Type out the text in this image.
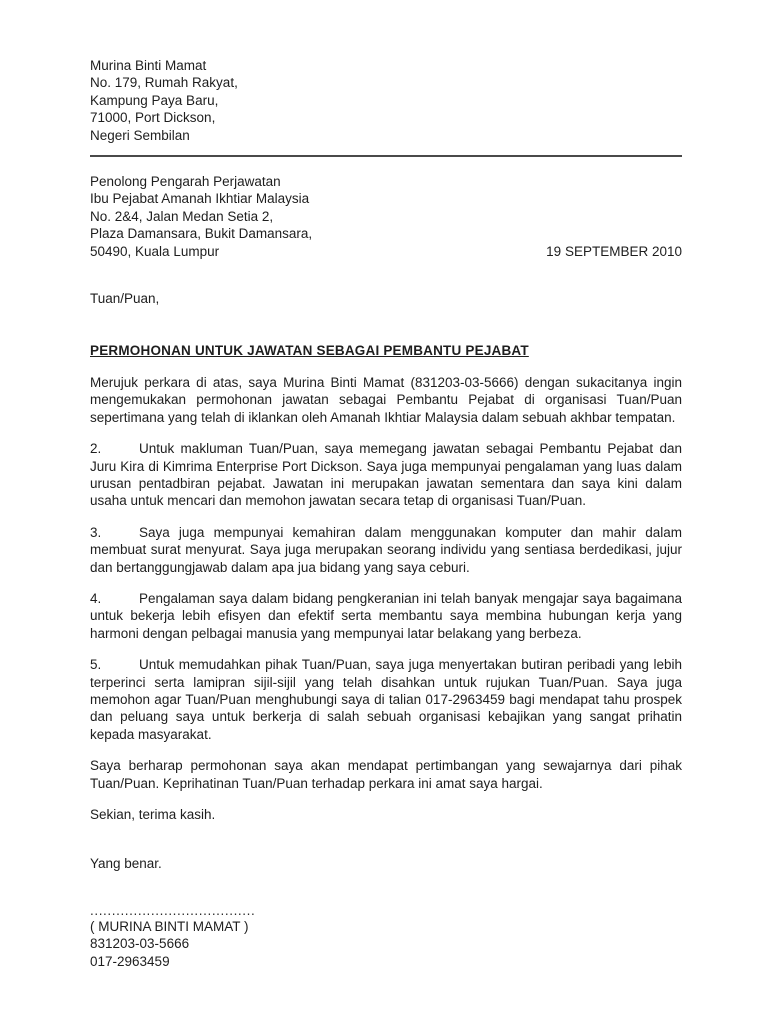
Murina Binti Mamat
No. 179, Rumah Rakyat,
Kampung Paya Baru,
71000, Port Dickson,
Negeri Sembilan
Penolong Pengarah Perjawatan
Ibu Pejabat Amanah Ikhtiar Malaysia
No. 2&4, Jalan Medan Setia 2,
Plaza Damansara, Bukit Damansara,
50490, Kuala Lumpur	19 SEPTEMBER 2010
Tuan/Puan,
PERMOHONAN UNTUK JAWATAN SEBAGAI PEMBANTU PEJABAT

Merujuk perkara di atas, saya Murina Binti Mamat (831203-03-5666) dengan sukacitanya ingin mengemukakan permohonan jawatan sebagai Pembantu Pejabat di organisasi Tuan/Puan sepertimana yang telah di iklankan oleh Amanah Ikhtiar Malaysia dalam sebuah akhbar tempatan.

2.	Untuk makluman Tuan/Puan, saya memegang jawatan sebagai Pembantu Pejabat dan Juru Kira di Kimrima Enterprise Port Dickson. Saya juga mempunyai pengalaman yang luas dalam urusan pentadbiran pejabat. Jawatan ini merupakan jawatan sementara dan saya kini dalam usaha untuk mencari dan memohon jawatan secara tetap di organisasi Tuan/Puan.

3.	Saya juga mempunyai kemahiran dalam menggunakan komputer dan mahir dalam membuat surat menyurat. Saya juga merupakan seorang individu yang sentiasa berdedikasi, jujur dan bertanggungjawab dalam apa jua bidang yang saya ceburi.

4.	Pengalaman saya dalam bidang pengkeranian ini telah banyak mengajar saya bagaimana untuk bekerja lebih efisyen dan efektif serta membantu saya membina hubungan kerja yang harmoni dengan pelbagai manusia yang mempunyai latar belakang yang berbeza.

5.	Untuk memudahkan pihak Tuan/Puan, saya juga menyertakan butiran peribadi yang lebih terperinci serta lamipran sijil-sijil yang telah disahkan untuk rujukan Tuan/Puan. Saya juga memohon agar Tuan/Puan menghubungi saya di talian 017-2963459 bagi mendapat tahu prospek dan peluang saya untuk berkerja di salah sebuah organisasi kebajikan yang sangat prihatin kepada masyarakat.

Saya berharap permohonan saya akan mendapat pertimbangan yang sewajarnya dari pihak Tuan/Puan. Keprihatinan Tuan/Puan terhadap perkara ini amat saya hargai.

Sekian, terima kasih.
Yang benar.
......................................
( MURINA BINTI MAMAT )
831203-03-5666
017-2963459
